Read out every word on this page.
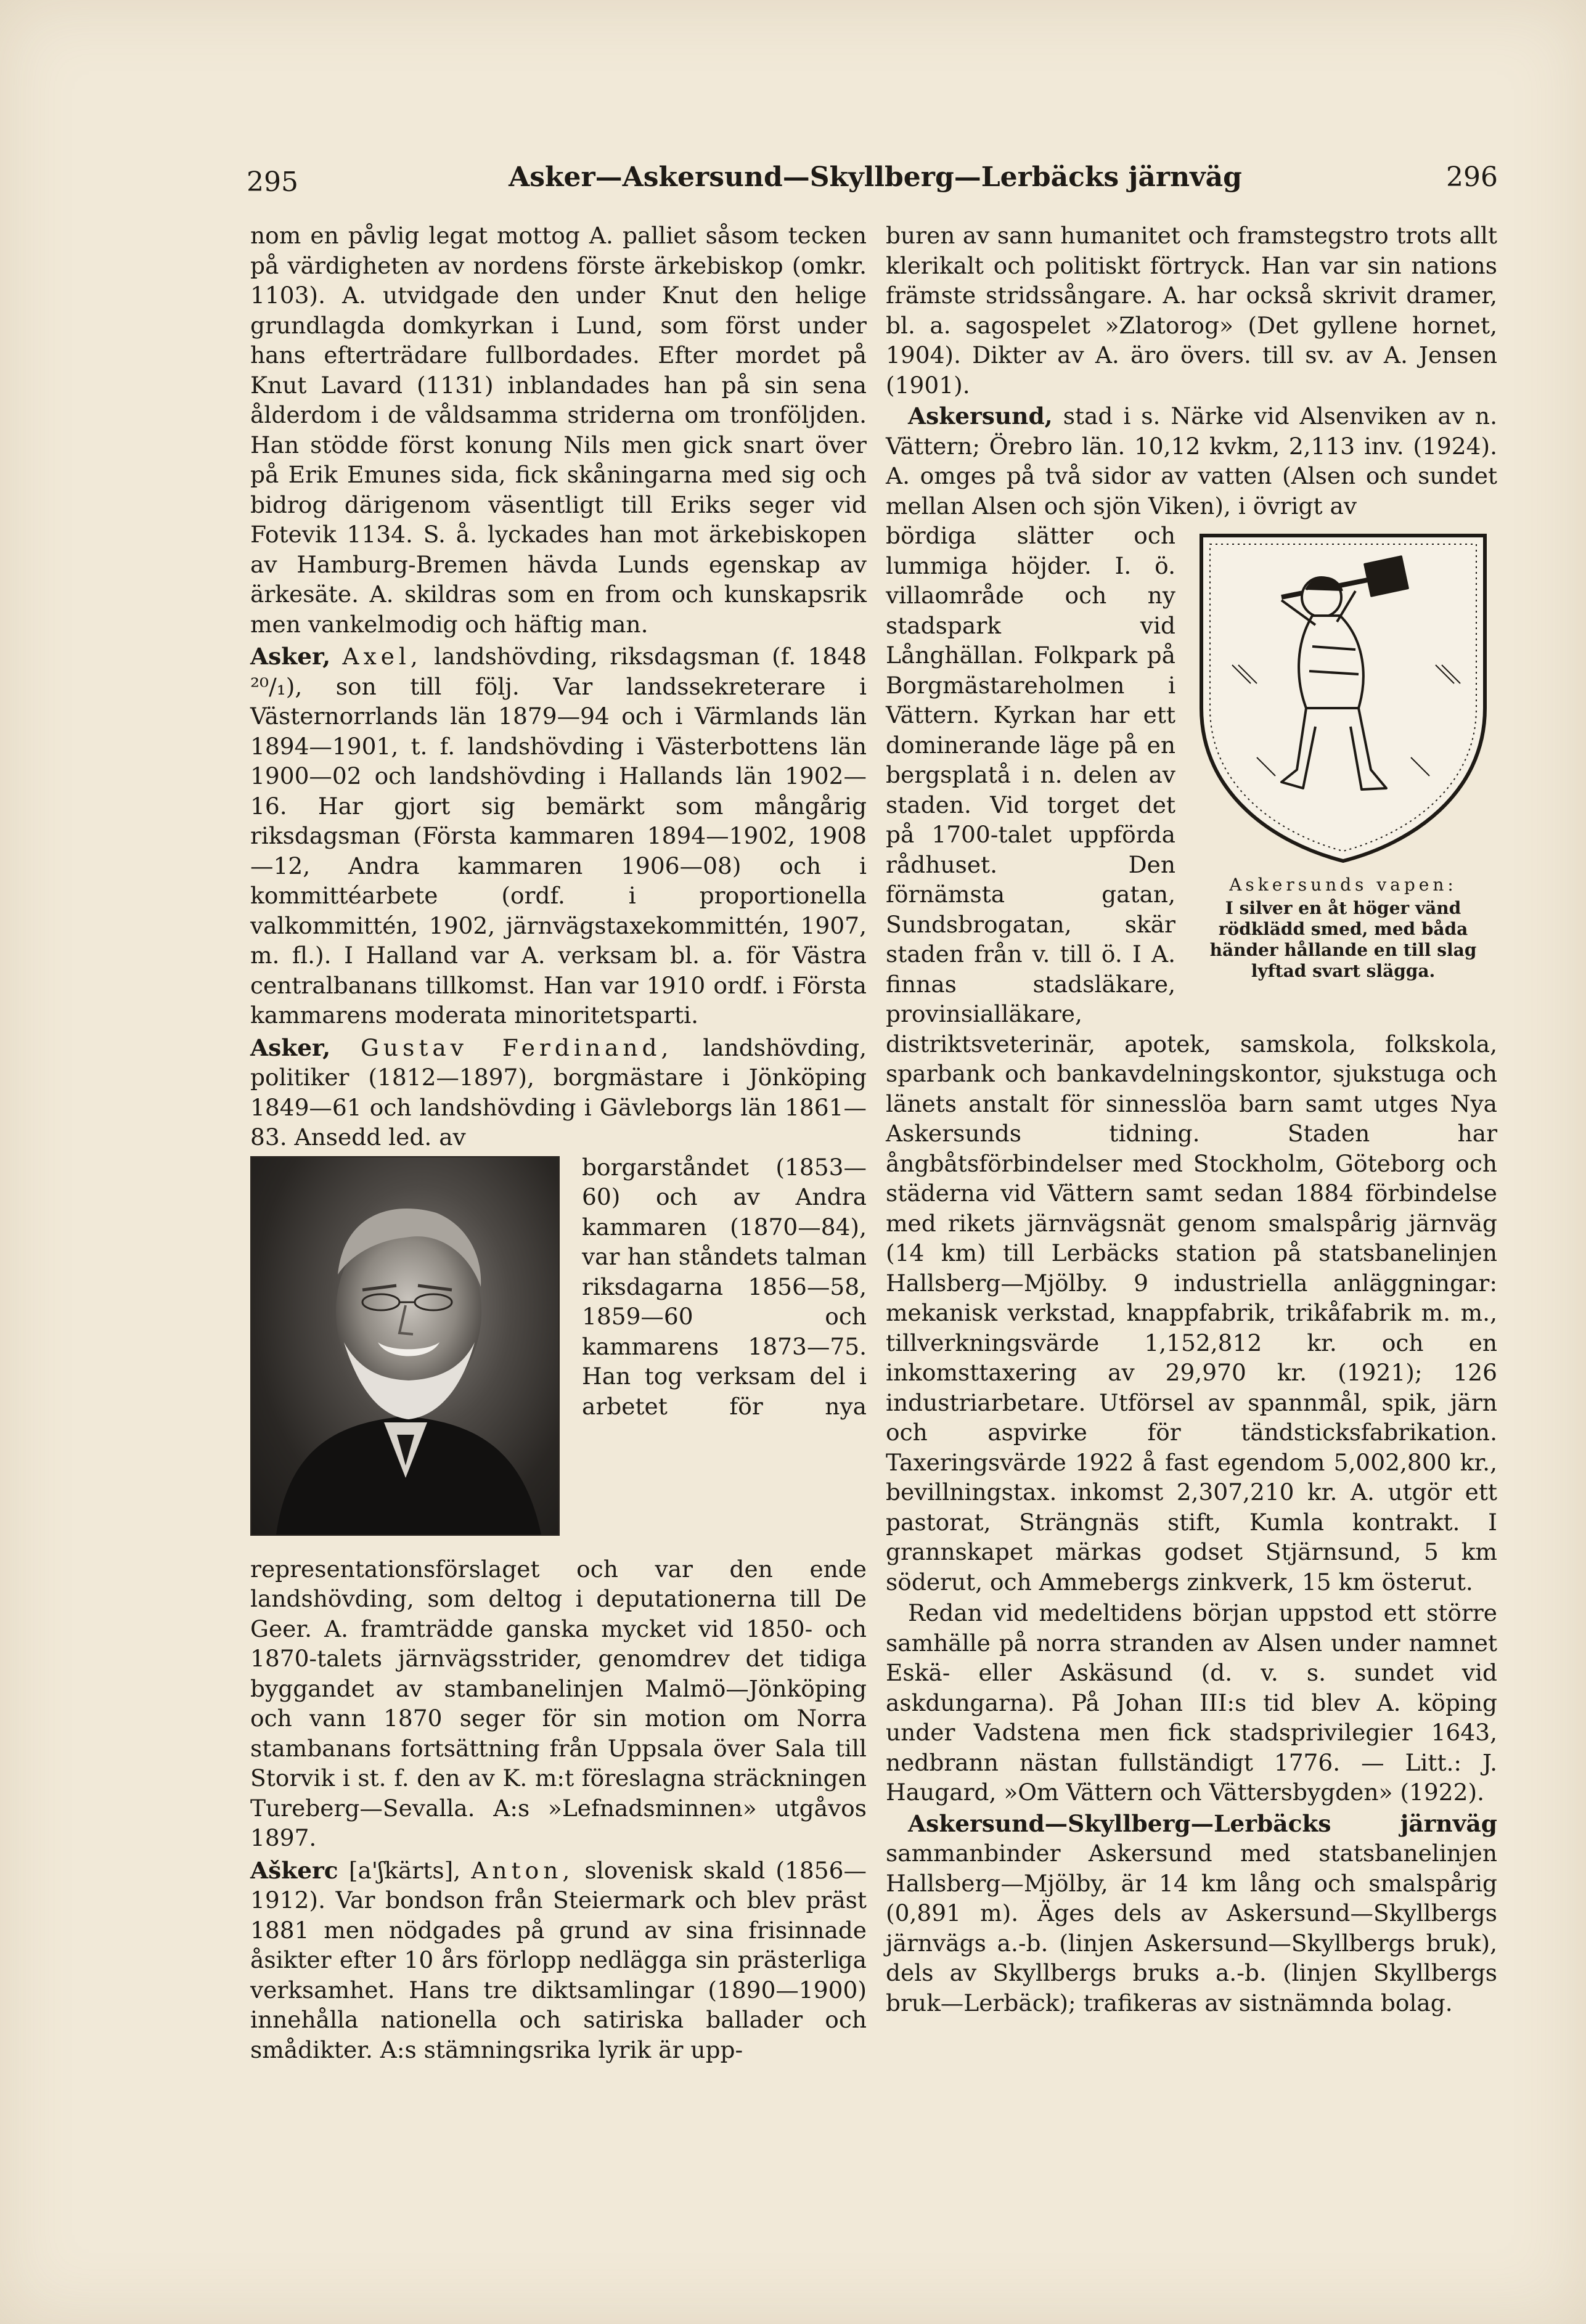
295	Asker—Askersund—Skyllberg—Lerbäcks järnväg	296

nom en påvlig legat mottog A. palliet såsom tecken på värdigheten av nordens förste ärkebiskop (omkr. 1103). A. utvidgade den under Knut den helige grundlagda domkyrkan i Lund, som först under hans efterträdare fullbordades. Efter mordet på Knut Lavard (1131) inblandades han på sin sena ålderdom i de våldsamma striderna om tronföljden. Han stödde först konung Nils men gick snart över på Erik Emunes sida, fick skåningarna med sig och bidrog därigenom väsentligt till Eriks seger vid Fotevik 1134. S. å. lyckades han mot ärkebiskopen av Hamburg-Bremen hävda Lunds egenskap av ärkesäte. A. skildras som en from och kunskapsrik men vankelmodig och häftig man.

Asker, Axel, landshövding, riksdagsman (f. 1848 ²⁰/₁), son till följ. Var landssekreterare i Västernorrlands län 1879—94 och i Värmlands län 1894—1901, t. f. landshövding i Västerbottens län 1900—02 och landshövding i Hallands län 1902—16. Har gjort sig bemärkt som mångårig riksdagsman (Första kammaren 1894—1902, 1908—12, Andra kammaren 1906—08) och i kommittéarbete (ordf. i proportionella valkommittén, 1902, järnvägstaxekommittén, 1907, m. fl.). I Halland var A. verksam bl. a. för Västra centralbanans tillkomst. Han var 1910 ordf. i Första kammarens moderata minoritetsparti.

Asker, Gustav Ferdinand, landshövding, politiker (1812—1897), borgmästare i Jönköping 1849—61 och landshövding i Gävleborgs län 1861—83. Ansedd led. av

borgarståndet (1853—60) och av Andra kammaren (1870—84), var han ståndets talman riksdagarna 1856—58, 1859—60 och kammarens 1873—75. Han tog verksam del i arbetet för nya representationsförslaget och var den ende landshövding, som deltog i deputationerna till De Geer. A. framträdde ganska mycket vid 1850- och 1870-talets järnvägsstrider, genomdrev det tidiga byggandet av stambanelinjen Malmö—Jönköping och vann 1870 seger för sin motion om Norra stambanans fortsättning från Uppsala över Sala till Storvik i st. f. den av K. m:t föreslagna sträckningen Tureberg—Sevalla. A:s »Lefnadsminnen» utgåvos 1897.

Aškerc [a'ʃkärts], Anton, slovenisk skald (1856—1912). Var bondson från Steiermark och blev präst 1881 men nödgades på grund av sina frisinnade åsikter efter 10 års förlopp nedlägga sin prästerliga verksamhet. Hans tre diktsamlingar (1890—1900) innehålla nationella och satiriska ballader och smådikter. A:s stämningsrika lyrik är upp-

buren av sann humanitet och framstegstro trots allt klerikalt och politiskt förtryck. Han var sin nations främste stridssångare. A. har också skrivit dramer, bl. a. sagospelet »Zlatorog» (Det gyllene hornet, 1904). Dikter av A. äro övers. till sv. av A. Jensen (1901).

Askersund, stad i s. Närke vid Alsenviken av n. Vättern; Örebro län. 10,12 kvkm, 2,113 inv. (1924). A. omges på två sidor av vatten (Alsen och sundet mellan Alsen och sjön Viken), i övrigt av

Askersunds vapen:
I silver en åt höger vänd rödklädd smed, med båda händer hållande en till slag lyftad svart slägga.

bördiga slätter och lummiga höjder. I. ö. villaområde och ny stadspark vid Långhällan. Folkpark på Borgmästareholmen i Vättern. Kyrkan har ett dominerande läge på en bergsplatå i n. delen av staden. Vid torget det på 1700-talet uppförda rådhuset. Den förnämsta gatan, Sundsbrogatan, skär staden från v. till ö. I A. finnas stadsläkare, provinsialläkare, distriktsveterinär, apotek, samskola, folkskola, sparbank och bankavdelningskontor, sjukstuga och länets anstalt för sinnesslöa barn samt utges Nya Askersunds tidning. Staden har ångbåtsförbindelser med Stockholm, Göteborg och städerna vid Vättern samt sedan 1884 förbindelse med rikets järnvägsnät genom smalspårig järnväg (14 km) till Lerbäcks station på statsbanelinjen Hallsberg—Mjölby. 9 industriella anläggningar: mekanisk verkstad, knappfabrik, trikåfabrik m. m., tillverkningsvärde 1,152,812 kr. och en inkomsttaxering av 29,970 kr. (1921); 126 industriarbetare. Utförsel av spannmål, spik, järn och aspvirke för tändsticksfabrikation. Taxeringsvärde 1922 å fast egendom 5,002,800 kr., bevillningstax. inkomst 2,307,210 kr. A. utgör ett pastorat, Strängnäs stift, Kumla kontrakt. I grannskapet märkas godset Stjärnsund, 5 km söderut, och Ammebergs zinkverk, 15 km österut.

Redan vid medeltidens början uppstod ett större samhälle på norra stranden av Alsen under namnet Eskä- eller Askäsund (d. v. s. sundet vid askdungarna). På Johan III:s tid blev A. köping under Vadstena men fick stadsprivilegier 1643, nedbrann nästan fullständigt 1776. — Litt.: J. Haugard, »Om Vättern och Vättersbygden» (1922).

Askersund—Skyllberg—Lerbäcks järnväg sammanbinder Askersund med statsbanelinjen Hallsberg—Mjölby, är 14 km lång och smalspårig (0,891 m). Äges dels av Askersund—Skyllbergs järnvägs a.-b. (linjen Askersund—Skyllbergs bruk), dels av Skyllbergs bruks a.-b. (linjen Skyllbergs bruk—Lerbäck); trafikeras av sistnämnda bolag.
